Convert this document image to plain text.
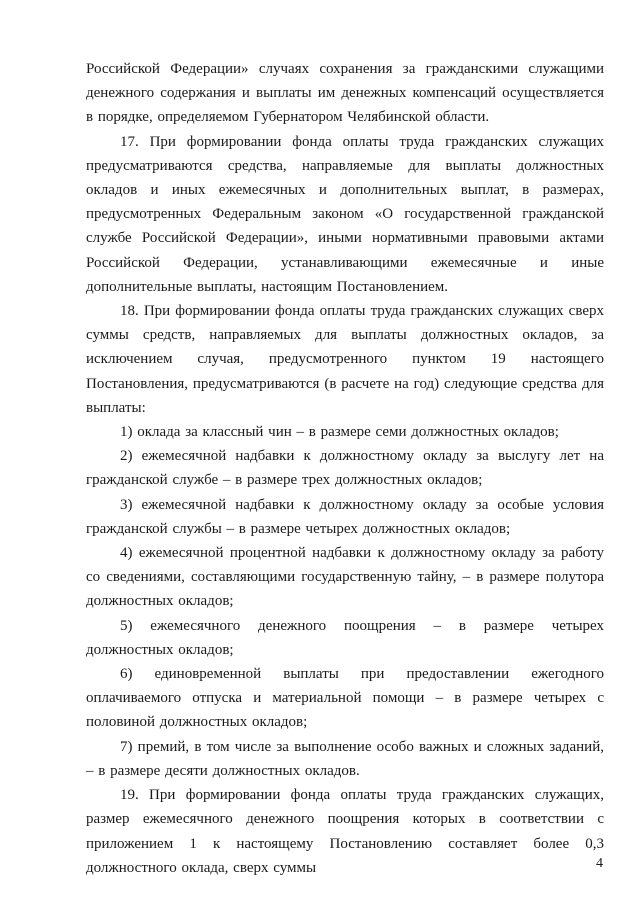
Российской Федерации» случаях сохранения за гражданскими служащими денежного содержания и выплаты им денежных компенсаций осуществляется в порядке, определяемом Губернатором Челябинской области.

17. При формировании фонда оплаты труда гражданских служащих предусматриваются средства, направляемые для выплаты должностных окладов и иных ежемесячных и дополнительных выплат, в размерах, предусмотренных Федеральным законом «О государственной гражданской службе Российской Федерации», иными нормативными правовыми актами Российской Федерации, устанавливающими ежемесячные и иные дополнительные выплаты, настоящим Постановлением.

18. При формировании фонда оплаты труда гражданских служащих сверх суммы средств, направляемых для выплаты должностных окладов, за исключением случая, предусмотренного пунктом 19 настоящего Постановления, предусматриваются (в расчете на год) следующие средства для выплаты:

1) оклада за классный чин – в размере семи должностных окладов;

2) ежемесячной надбавки к должностному окладу за выслугу лет на гражданской службе – в размере трех должностных окладов;

3) ежемесячной надбавки к должностному окладу за особые условия гражданской службы – в размере четырех должностных окладов;

4) ежемесячной процентной надбавки к должностному окладу за работу со сведениями, составляющими государственную тайну, – в размере полутора должностных окладов;

5) ежемесячного денежного поощрения – в размере четырех должностных окладов;

6) единовременной выплаты при предоставлении ежегодного оплачиваемого отпуска и материальной помощи – в размере четырех с половиной должностных окладов;

7) премий, в том числе за выполнение особо важных и сложных заданий, – в размере десяти должностных окладов.

19. При формировании фонда оплаты труда гражданских служащих, размер ежемесячного денежного поощрения которых в соответствии с приложением 1 к настоящему Постановлению составляет более 0,3 должностного оклада, сверх суммы	4
